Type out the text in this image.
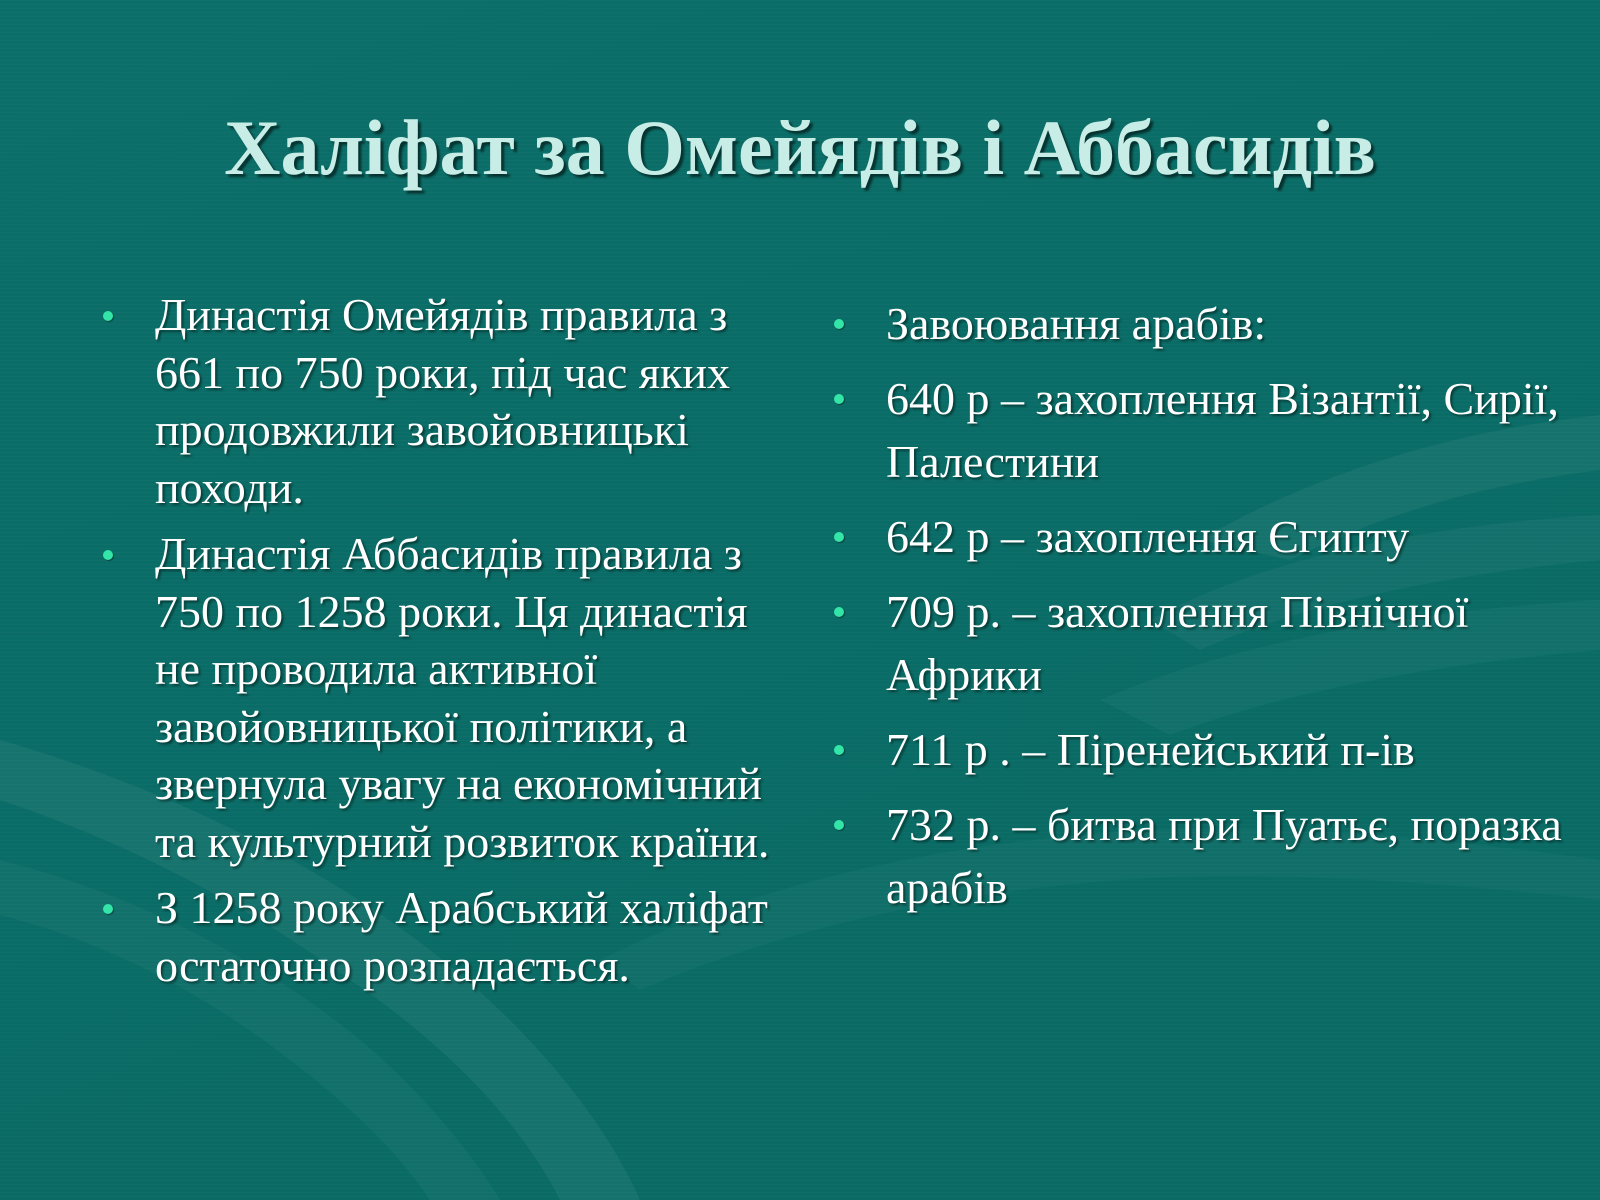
Халіфат за Омейядів і Аббасидів
Династія Омейядів правила з 661 по 750 роки, під час яких продовжили завойовницькі походи.
Династія Аббасидів правила з 750 по 1258 роки. Ця династія не проводила активної завойовницької політики, а звернула увагу на економічний та культурний розвиток країни.
З 1258 року Арабський халіфат остаточно розпадається.
Завоювання арабів:
640 р – захоплення Візантії, Сирії, Палестини
642 р – захоплення Єгипту
709 р. – захоплення Північної Африки
711 р . – Піренейський п-ів
732 р. – битва при Пуатьє, поразка арабів
